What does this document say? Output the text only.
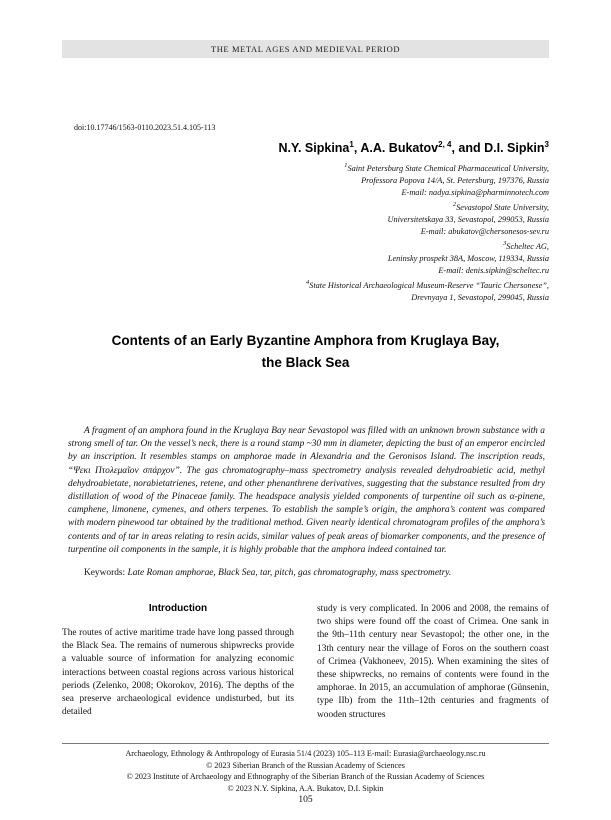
THE METAL AGES AND MEDIEVAL PERIOD
doi:10.17746/1563-0110.2023.51.4.105-113
N.Y. Sipkina$^1$, A.A. Bukatov$^{2, 4}$, and D.I. Sipkin$^3$
$^1$Saint Petersburg State Chemical Pharmaceutical University,
Professora Popova 14/A, St. Petersburg, 197376, Russia
E-mail: nadya.sipkina@pharminnotech.com
$^2$Sevastopol State University,
Universitetskaya 33, Sevastopol, 299053, Russia
E-mail: abukatov@chersonesos-sev.ru
$^3$Scheltec AG,
Leninsky prospekt 38A, Moscow, 119334, Russia
E-mail: denis.sipkin@scheltec.ru
$^4$State Historical Archaeological Museum-Reserve “Tauric Chersonese”,
Drevnyaya 1, Sevastopol, 299045, Russia
Contents of an Early Byzantine Amphora from Kruglaya Bay,
the Black Sea
A fragment of an amphora found in the Kruglaya Bay near Sevastopol was filled with an unknown brown substance with a strong smell of tar. On the vessel’s neck, there is a round stamp ~30 mm in diameter, depicting the bust of an emperor encircled by an inscription. It resembles stamps on amphorae made in Alexandria and the Geronisos Island. The inscription reads, “Ψεκι Πτολεμαῖον σπάρχον”. The gas chromatography–mass spectrometry analysis revealed dehydroabietic acid, methyl dehydroabietate, norabietatrienes, retene, and other phenanthrene derivatives, suggesting that the substance resulted from dry distillation of wood of the Pinaceae family. The headspace analysis yielded components of turpentine oil such as α-pinene, camphene, limonene, cymenes, and others terpenes. To establish the sample’s origin, the amphora’s content was compared with modern pinewood tar obtained by the traditional method. Given nearly identical chromatogram profiles of the amphora’s contents and of tar in areas relating to resin acids, similar values of peak areas of biomarker components, and the presence of turpentine oil components in the sample, it is highly probable that the amphora indeed contained tar.
Keywords: Late Roman amphorae, Black Sea, tar, pitch, gas chromatography, mass spectrometry.
Introduction
The routes of active maritime trade have long passed through the Black Sea. The remains of numerous shipwrecks provide a valuable source of information for analyzing economic interactions between coastal regions across various historical periods (Zelenko, 2008; Okorokov, 2016). The depths of the sea preserve archaeological evidence undisturbed, but its detailed
study is very complicated. In 2006 and 2008, the remains of two ships were found off the coast of Crimea. One sank in the 9th–11th century near Sevastopol; the other one, in the 13th century near the village of Foros on the southern coast of Crimea (Vakhoneev, 2015). When examining the sites of these shipwrecks, no remains of contents were found in the amphorae. In 2015, an accumulation of amphorae (Günsenin, type IIb) from the 11th–12th centuries and fragments of wooden structures
Archaeology, Ethnology & Anthropology of Eurasia 51/4 (2023) 105–113 E-mail: Eurasia@archaeology.nsc.ru
© 2023 Siberian Branch of the Russian Academy of Sciences
© 2023 Institute of Archaeology and Ethnography of the Siberian Branch of the Russian Academy of Sciences
© 2023 N.Y. Sipkina, A.A. Bukatov, D.I. Sipkin
105
